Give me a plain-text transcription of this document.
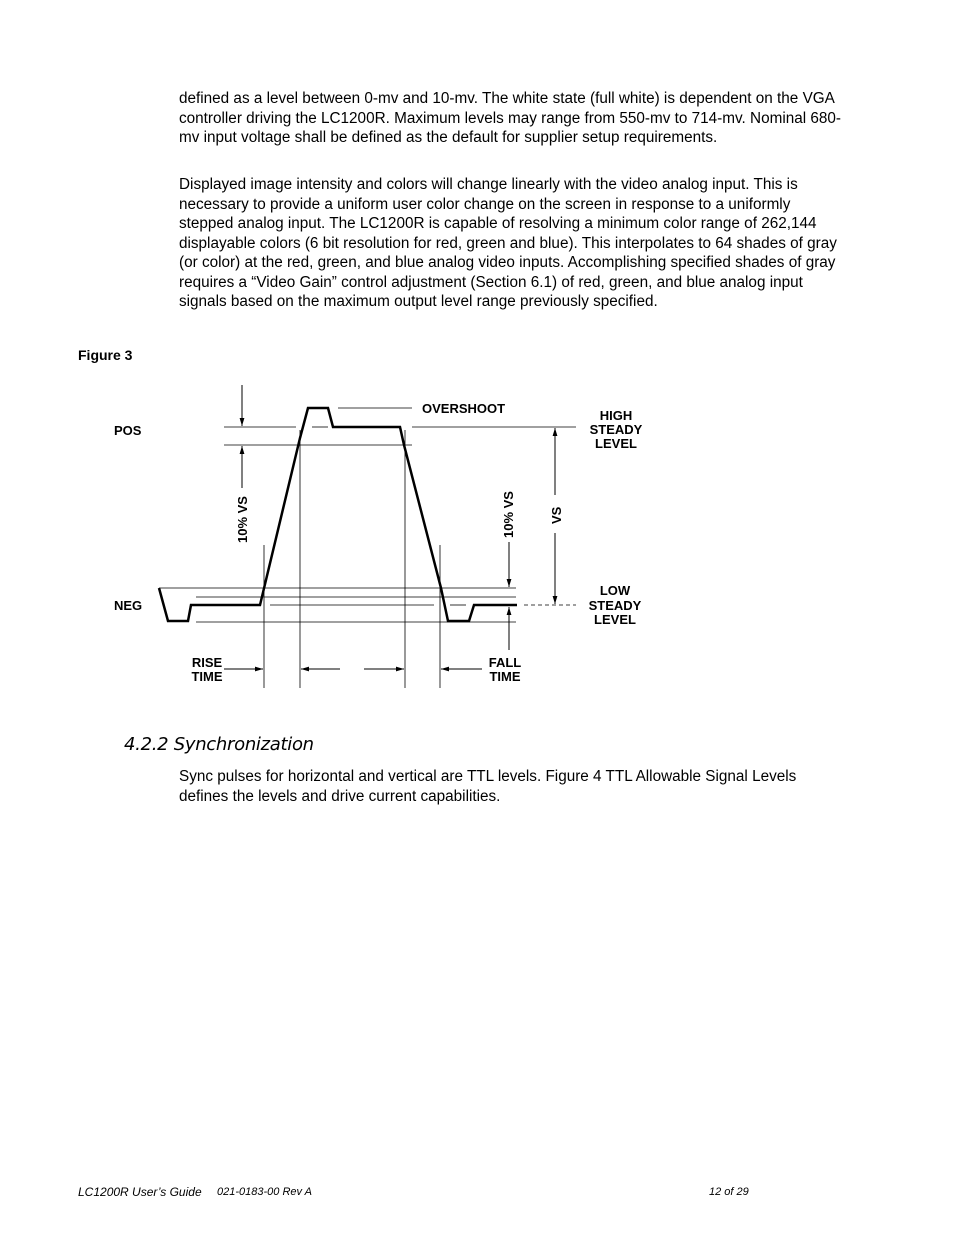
defined as a level between 0-mv and 10-mv. The white state (full white) is dependent on the VGA controller driving the LC1200R. Maximum levels may range from 550-mv to 714-mv. Nominal 680-mv input voltage shall be defined as the default for supplier setup requirements.

Displayed image intensity and colors will change linearly with the video analog input. This is necessary to provide a uniform user color change on the screen in response to a uniformly stepped analog input. The LC1200R is capable of resolving a minimum color range of 262,144 displayable colors (6 bit resolution for red, green and blue). This interpolates to 64 shades of gray (or color) at the red, green, and blue analog video inputs. Accomplishing specified shades of gray requires a “Video Gain” control adjustment (Section 6.1) of red, green, and blue analog input signals based on the maximum output level range previously specified.

Figure 3
POS
NEG
OVERSHOOT	HIGH
STEADY
LEVEL
LOW
STEADY
LEVEL
10% VS	10% VS	VS
RISE
TIME
FALL
TIME
4.2.2 Synchronization

Sync pulses for horizontal and vertical are TTL levels. Figure 4 TTL Allowable Signal Levels defines the levels and drive current capabilities.

LC1200R User’s Guide 021-0183-00 Rev A	12 of 29
